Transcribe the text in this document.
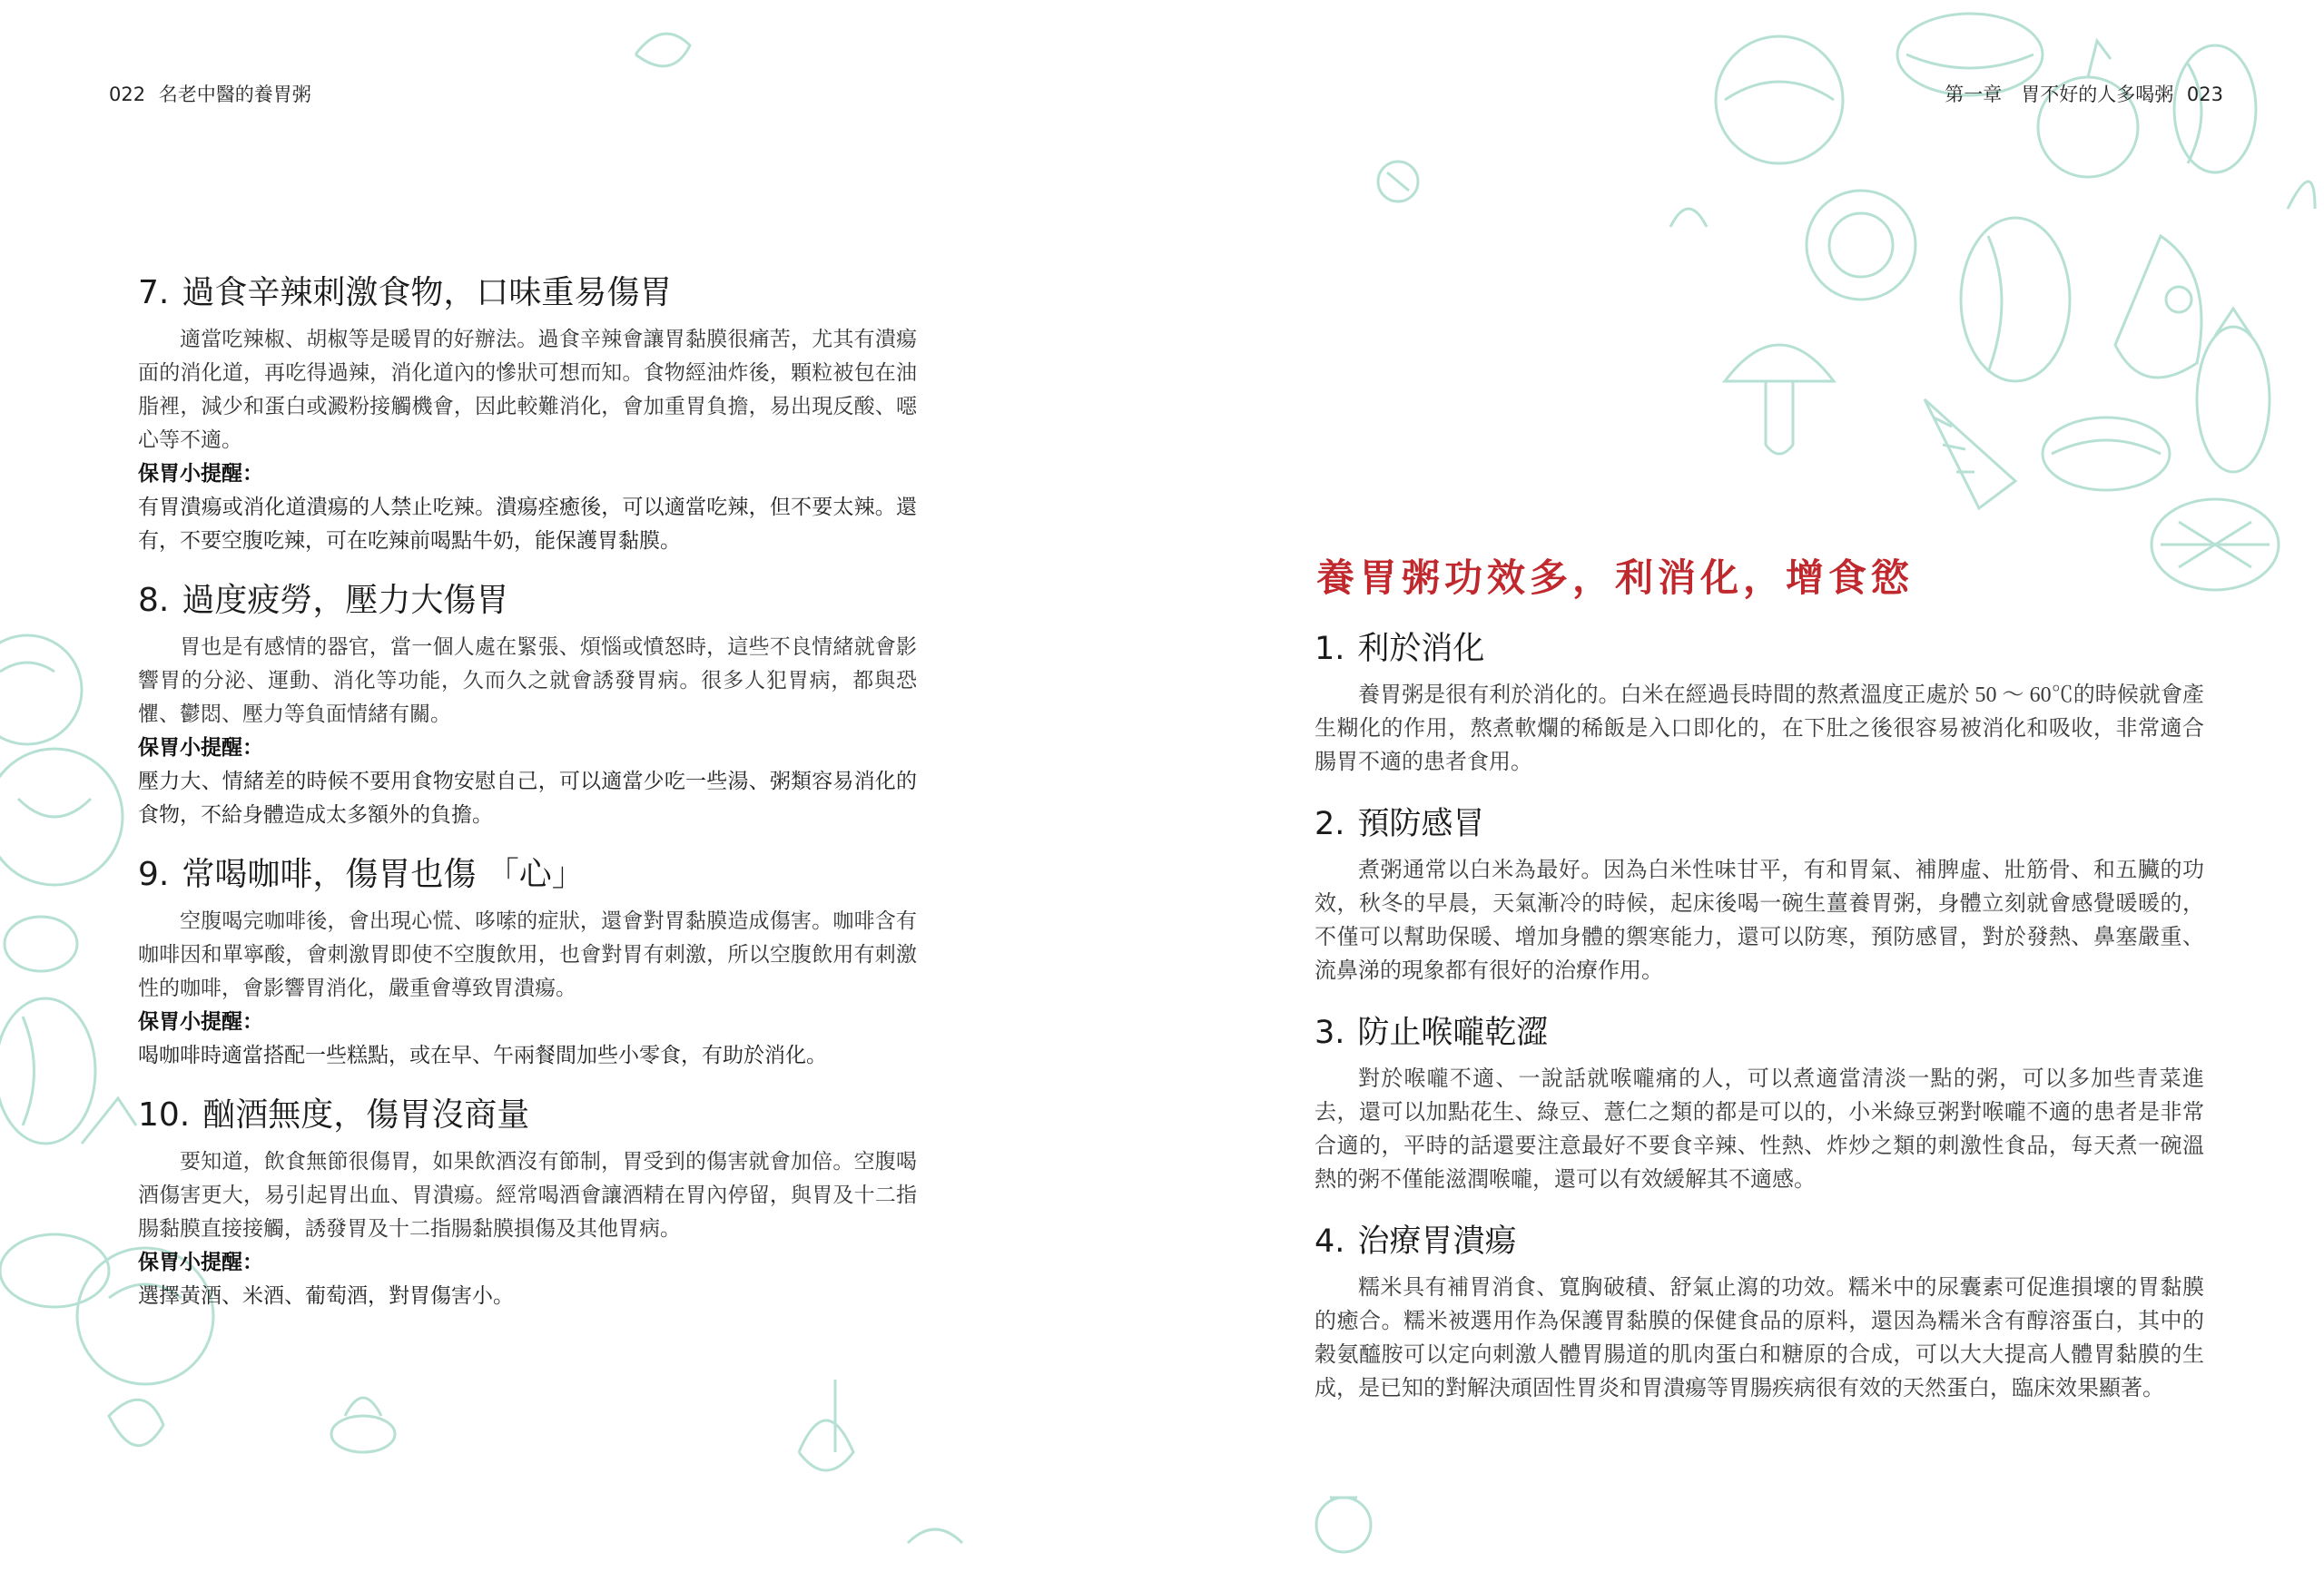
022 名老中醫的養胃粥
7. 過食辛辣刺激食物，口味重易傷胃

適當吃辣椒、胡椒等是暖胃的好辦法。過食辛辣會讓胃黏膜很痛苦，尤其有潰瘍面的消化道，再吃得過辣，消化道內的慘狀可想而知。食物經油炸後，顆粒被包在油脂裡，減少和蛋白或澱粉接觸機會，因此較難消化，會加重胃負擔，易出現反酸、噁心等不適。

保胃小提醒：

有胃潰瘍或消化道潰瘍的人禁止吃辣。潰瘍痊癒後，可以適當吃辣，但不要太辣。還有，不要空腹吃辣，可在吃辣前喝點牛奶，能保護胃黏膜。

8. 過度疲勞，壓力大傷胃

胃也是有感情的器官，當一個人處在緊張、煩惱或憤怒時，這些不良情緒就會影響胃的分泌、運動、消化等功能，久而久之就會誘發胃病。很多人犯胃病，都與恐懼、鬱悶、壓力等負面情緒有關。

保胃小提醒：

壓力大、情緒差的時候不要用食物安慰自己，可以適當少吃一些湯、粥類容易消化的食物，不給身體造成太多額外的負擔。

9. 常喝咖啡，傷胃也傷 「心」

空腹喝完咖啡後，會出現心慌、哆嗦的症狀，還會對胃黏膜造成傷害。咖啡含有咖啡因和單寧酸，會刺激胃即使不空腹飲用，也會對胃有刺激，所以空腹飲用有刺激性的咖啡，會影響胃消化，嚴重會導致胃潰瘍。

保胃小提醒：

喝咖啡時適當搭配一些糕點，或在早、午兩餐間加些小零食，有助於消化。

10. 酗酒無度，傷胃沒商量

要知道，飲食無節很傷胃，如果飲酒沒有節制，胃受到的傷害就會加倍。空腹喝酒傷害更大，易引起胃出血、胃潰瘍。經常喝酒會讓酒精在胃內停留，與胃及十二指腸黏膜直接接觸，誘發胃及十二指腸黏膜損傷及其他胃病。

保胃小提醒：

選擇黃酒、米酒、葡萄酒，對胃傷害小。

第一章　胃不好的人多喝粥 023
養胃粥功效多，利消化，增食慾
1. 利於消化

養胃粥是很有利於消化的。白米在經過長時間的熬煮溫度正處於 50 ～ 60℃的時候就會產生糊化的作用，熬煮軟爛的稀飯是入口即化的，在下肚之後很容易被消化和吸收，非常適合腸胃不適的患者食用。

2. 預防感冒

煮粥通常以白米為最好。因為白米性味甘平，有和胃氣、補脾虛、壯筋骨、和五臟的功效，秋冬的早晨，天氣漸冷的時候，起床後喝一碗生薑養胃粥，身體立刻就會感覺暖暖的，不僅可以幫助保暖、增加身體的禦寒能力，還可以防寒，預防感冒，對於發熱、鼻塞嚴重、流鼻涕的現象都有很好的治療作用。

3. 防止喉嚨乾澀

對於喉嚨不適、一說話就喉嚨痛的人，可以煮適當清淡一點的粥，可以多加些青菜進去，還可以加點花生、綠豆、薏仁之類的都是可以的，小米綠豆粥對喉嚨不適的患者是非常合適的，平時的話還要注意最好不要食辛辣、性熱、炸炒之類的刺激性食品，每天煮一碗溫熱的粥不僅能滋潤喉嚨，還可以有效緩解其不適感。

4. 治療胃潰瘍

糯米具有補胃消食、寬胸破積、舒氣止瀉的功效。糯米中的尿囊素可促進損壞的胃黏膜的癒合。糯米被選用作為保護胃黏膜的保健食品的原料，還因為糯米含有醇溶蛋白，其中的穀氨醯胺可以定向刺激人體胃腸道的肌肉蛋白和糖原的合成，可以大大提高人體胃黏膜的生成，是已知的對解決頑固性胃炎和胃潰瘍等胃腸疾病很有效的天然蛋白，臨床效果顯著。
